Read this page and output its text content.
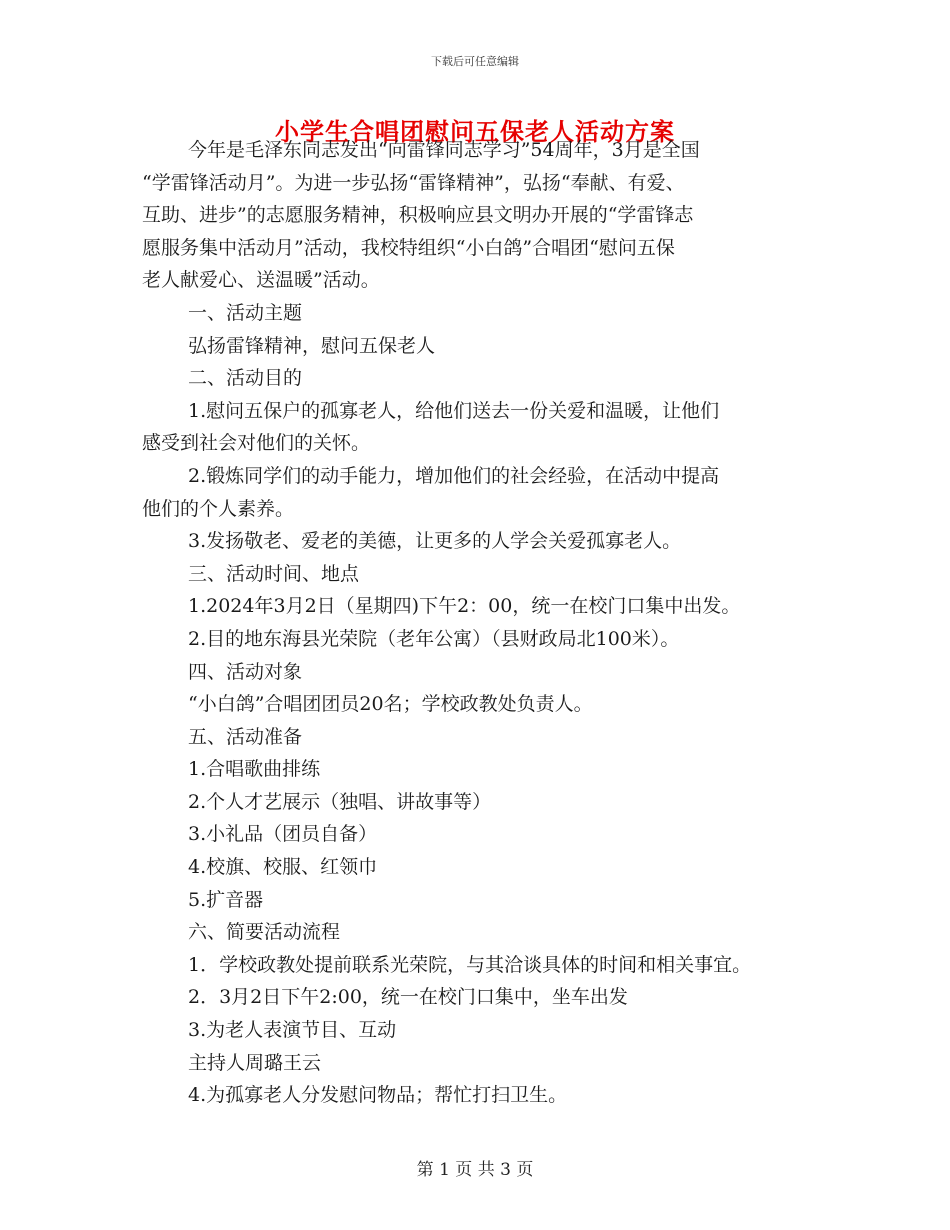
下载后可任意编辑
小学生合唱团慰问五保老人活动方案

今年是毛泽东同志发出“向雷锋同志学习”54周年，3月是全国

“学雷锋活动月”。为进一步弘扬“雷锋精神”，弘扬“奉献、有爱、

互助、进步”的志愿服务精神，积极响应县文明办开展的“学雷锋志

愿服务集中活动月”活动，我校特组织“小白鸽”合唱团“慰问五保

老人献爱心、送温暖”活动。

一、活动主题

弘扬雷锋精神，慰问五保老人

二、活动目的

1.慰问五保户的孤寡老人，给他们送去一份关爱和温暖，让他们

感受到社会对他们的关怀。

2.锻炼同学们的动手能力，增加他们的社会经验，在活动中提高

他们的个人素养。

3.发扬敬老、爱老的美德，让更多的人学会关爱孤寡老人。

三、活动时间、地点

1.2024年3月2日（星期四)下午2：00，统一在校门口集中出发。

2.目的地东海县光荣院（老年公寓）（县财政局北100米）。

四、活动对象

“小白鸽”合唱团团员20名；学校政教处负责人。

五、活动准备

1.合唱歌曲排练

2.个人才艺展示（独唱、讲故事等）

3.小礼品（团员自备）

4.校旗、校服、红领巾

5.扩音器

六、简要活动流程

1．学校政教处提前联系光荣院，与其洽谈具体的时间和相关事宜。

2．3月2日下午2:00，统一在校门口集中，坐车出发

3.为老人表演节目、互动

主持人周璐王云

4.为孤寡老人分发慰问物品；帮忙打扫卫生。

第 1 页 共 3 页
